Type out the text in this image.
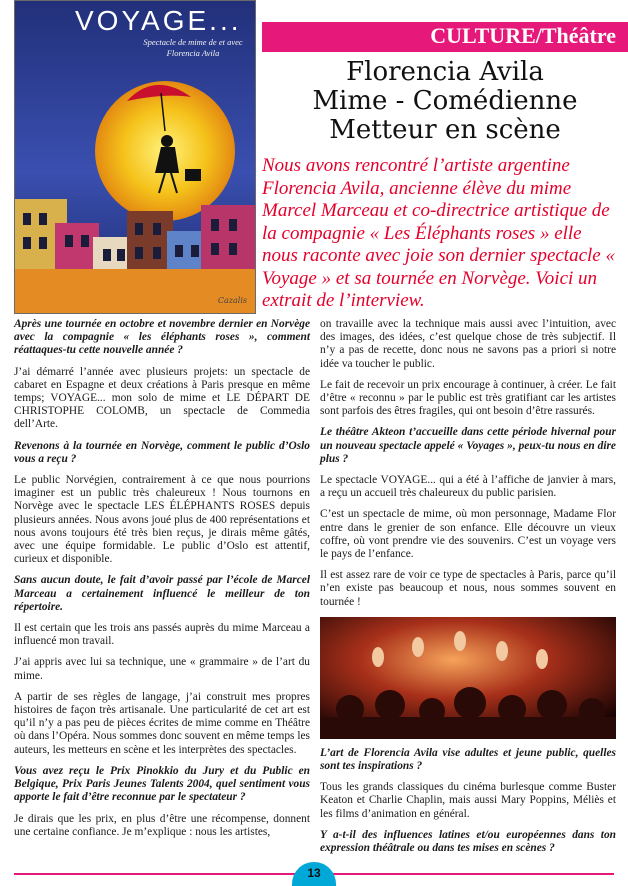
VOYAGE...
Spectacle de mime de et avec Florencia Avila
Cazalis
CULTURE/Théâtre
Florencia Avila
Mime - Comédienne
Metteur en scène

Nous avons rencontré l’artiste argentine Florencia Avila, ancienne élève du mime Marcel Marceau et co-directrice artistique de la compagnie « Les Éléphants roses » elle nous raconte avec joie son dernier spectacle « Voyage » et sa tournée en Norvège. Voici un extrait de l’interview.

Après une tournée en octobre et novembre dernier en Norvège avec la compagnie « les éléphants roses », comment réattaques-tu cette nouvelle année ?

J’ai démarré l’année avec plusieurs projets: un spectacle de cabaret en Espagne et deux créations à Paris presque en même temps; VOYAGE... mon solo de mime et LE DÉPART DE CHRISTOPHE COLOMB, un spectacle de Commedia dell’Arte.

Revenons à la tournée en Norvège, comment le public d’Oslo vous a reçu ?

Le public Norvégien, contrairement à ce que nous pourrions imaginer est un public très chaleureux ! Nous tournons en Norvège avec le spectacle LES ÉLÉPHANTS ROSES depuis plusieurs années. Nous avons joué plus de 400 représentations et nous avons toujours été très bien reçus, je dirais même gâtés, avec une équipe formidable. Le public d’Oslo est attentif, curieux et disponible.

Sans aucun doute, le fait d’avoir passé par l’école de Marcel Marceau a certainement influencé le meilleur de ton répertoire.

Il est certain que les trois ans passés auprès du mime Marceau a influencé mon travail.

J’ai appris avec lui sa technique, une « grammaire » de l’art du mime.

A partir de ses règles de langage, j’ai construit mes propres histoires de façon très artisanale. Une particularité de cet art est qu’il n’y a pas peu de pièces écrites de mime comme en Théâtre où dans l’Opéra. Nous sommes donc souvent en même temps les auteurs, les metteurs en scène et les interprètes des spectacles.

Vous avez reçu le Prix Pinokkio du Jury et du Public en Belgique, Prix Paris Jeunes Talents 2004, quel sentiment vous apporte le fait d’être reconnue par le spectateur ?

Je dirais que les prix, en plus d’être une récompense, donnent une certaine confiance. Je m’explique : nous les artistes,

on travaille avec la technique mais aussi avec l’intuition, avec des images, des idées, c’est quelque chose de très subjectif. Il n’y a pas de recette, donc nous ne savons pas a priori si notre idée va toucher le public.

Le fait de recevoir un prix encourage à continuer, à créer. Le fait d’être « reconnu » par le public est très gratifiant car les artistes sont parfois des êtres fragiles, qui ont besoin d’être rassurés.

Le théâtre Akteon t’accueille dans cette période hivernal pour un nouveau spectacle appelé « Voyages », peux-tu nous en dire plus ?

Le spectacle VOYAGE... qui a été à l’affiche de janvier à mars, a reçu un accueil très chaleureux du public parisien.

C’est un spectacle de mime, où mon personnage, Madame Flor entre dans le grenier de son enfance. Elle découvre un vieux coffre, où vont prendre vie des souvenirs. C’est un voyage vers le pays de l’enfance.

Il est assez rare de voir ce type de spectacles à Paris, parce qu’il n’en existe pas beaucoup et nous, nous sommes souvent en tournée !

L’art de Florencia Avila vise adultes et jeune public, quelles sont tes inspirations ?

Tous les grands classiques du cinéma burlesque comme Buster Keaton et Charlie Chaplin, mais aussi Mary Poppins, Méliès et les films d’animation en général.

Y a-t-il des influences latines et/ou européennes dans ton expression théâtrale ou dans tes mises en scènes ?

13
